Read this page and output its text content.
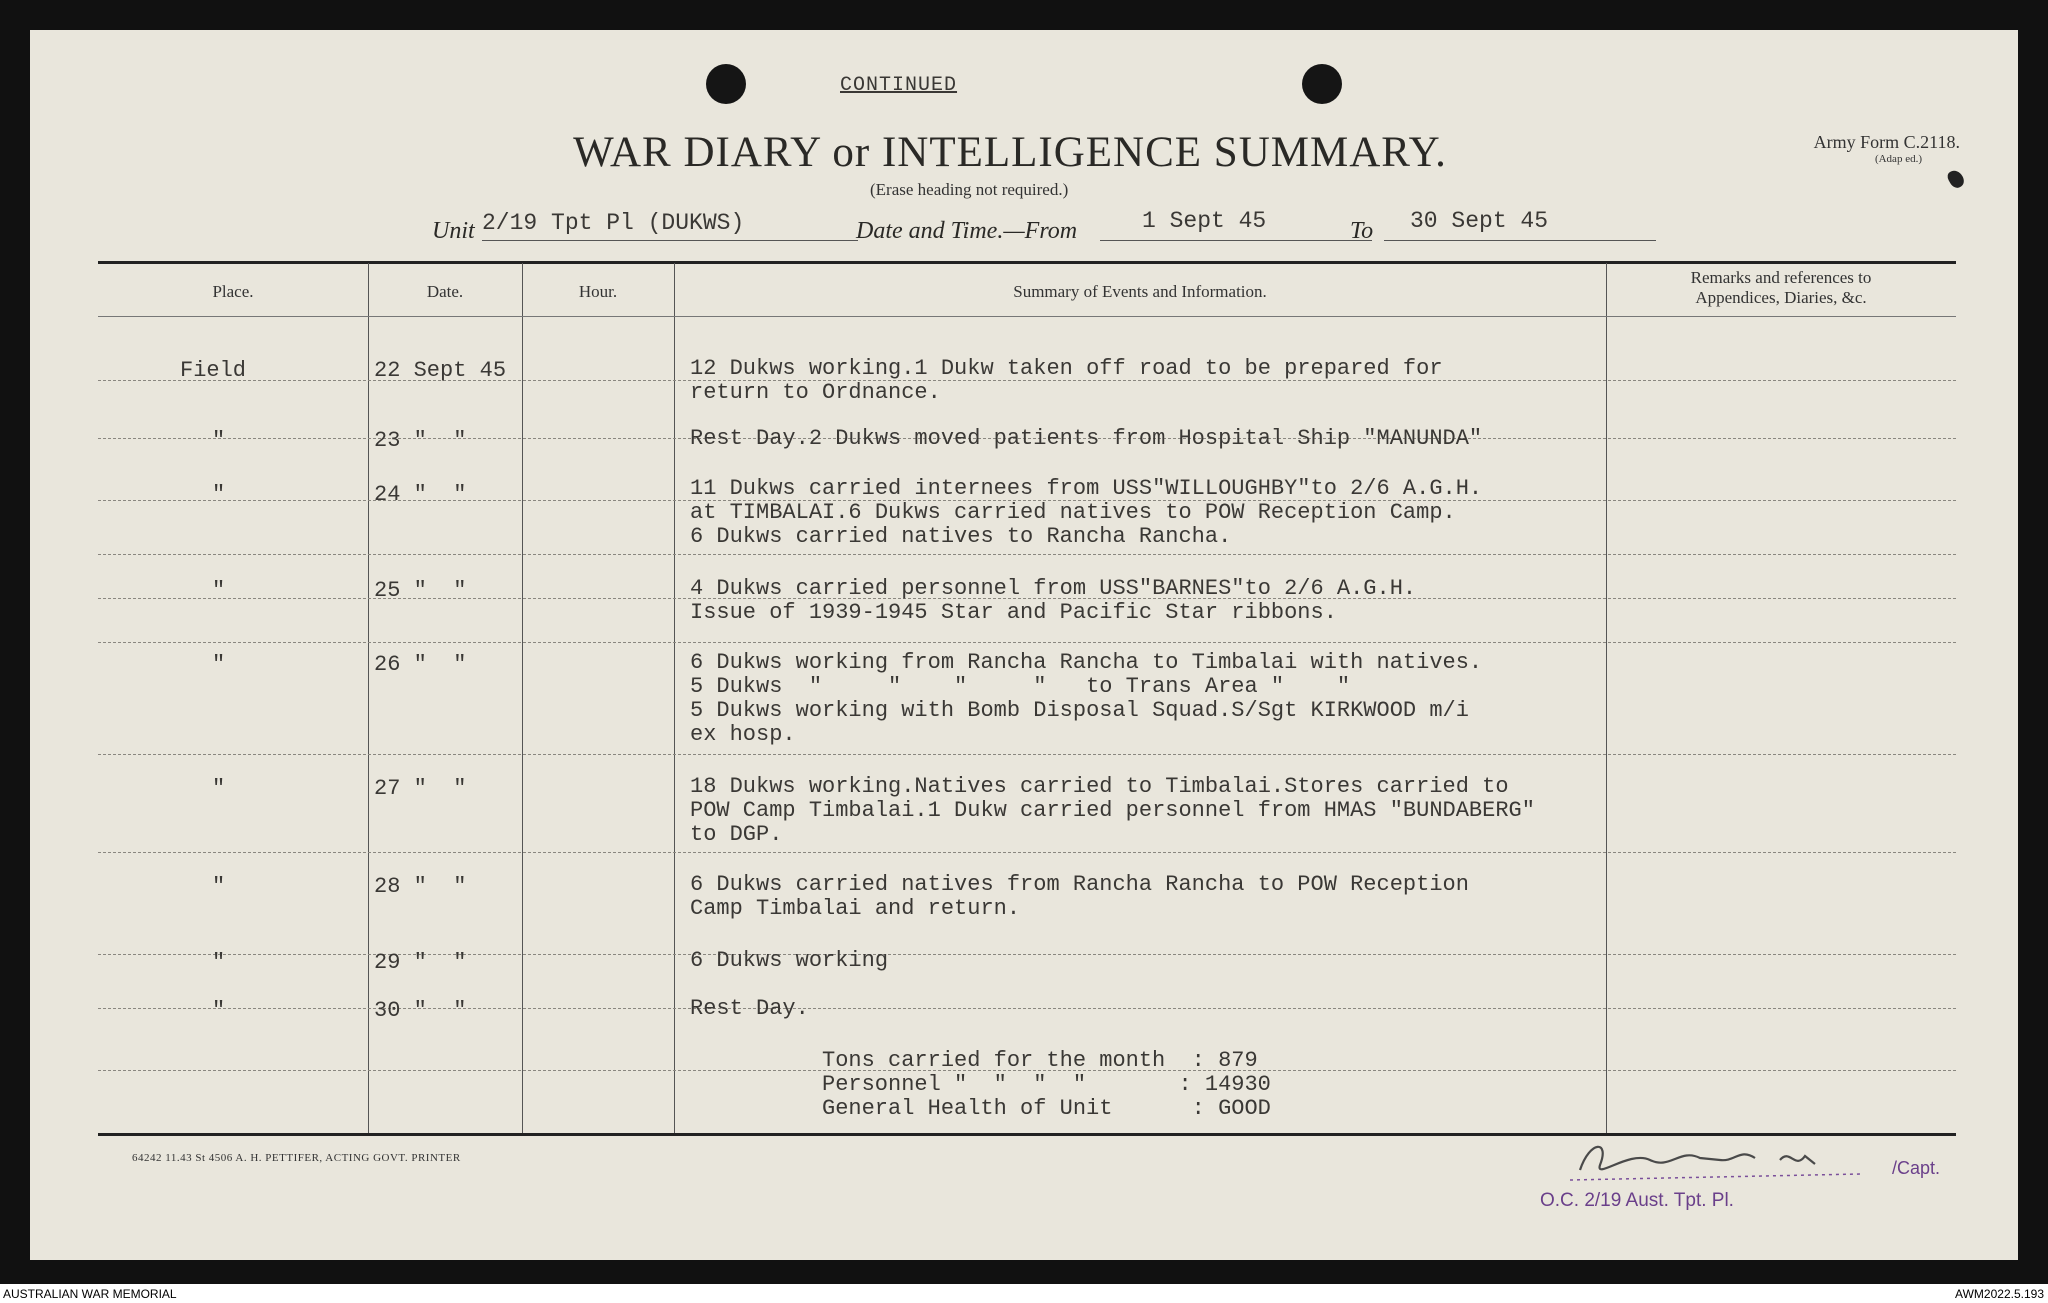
CONTINUED
WAR DIARY or INTELLIGENCE SUMMARY.
(Erase heading not required.)
Army Form C.2118.
(Adap ed.)
Unit 2/19 Tpt Pl (DUKWS)	Date and Time.—From	1 Sept 45	To 30 Sept 45
Place.	Date.	Hour.	Summary of Events and Information.
Remarks and references to
Appendices, Diaries, &c.
Field	22 Sept 45	12 Dukws working.1 Dukw taken off road to be prepared for
return to Ordnance.
"	23 "  "	Rest Day.2 Dukws moved patients from Hospital Ship "MANUNDA"
"	24 "  "	11 Dukws carried internees from USS"WILLOUGHBY"to 2/6 A.G.H.
at TIMBALAI.6 Dukws carried natives to POW Reception Camp.
6 Dukws carried natives to Rancha Rancha.
"	25 "  "	4 Dukws carried personnel from USS"BARNES"to 2/6 A.G.H.
Issue of 1939-1945 Star and Pacific Star ribbons.
"	26 "  "	6 Dukws working from Rancha Rancha to Timbalai with natives.
5 Dukws  "     "    "     "   to Trans Area "    "
5 Dukws working with Bomb Disposal Squad.S/Sgt KIRKWOOD m/i
ex hosp.
"	27 "  "	18 Dukws working.Natives carried to Timbalai.Stores carried to
POW Camp Timbalai.1 Dukw carried personnel from HMAS "BUNDABERG"
to DGP.
"	28 "  "	6 Dukws carried natives from Rancha Rancha to POW Reception
Camp Timbalai and return.
"	29 "  "	6 Dukws working
"	30 "  "	Rest Day.
Tons carried for the month  : 879
Personnel "  "  "  "       : 14930
General Health of Unit      : GOOD
64242 11.43 St 4506 A. H. PETTIFER, ACTING GOVT. PRINTER	/Capt.
O.C. 2/19 Aust. Tpt. Pl.
AUSTRALIAN WAR MEMORIAL	AWM2022.5.193
